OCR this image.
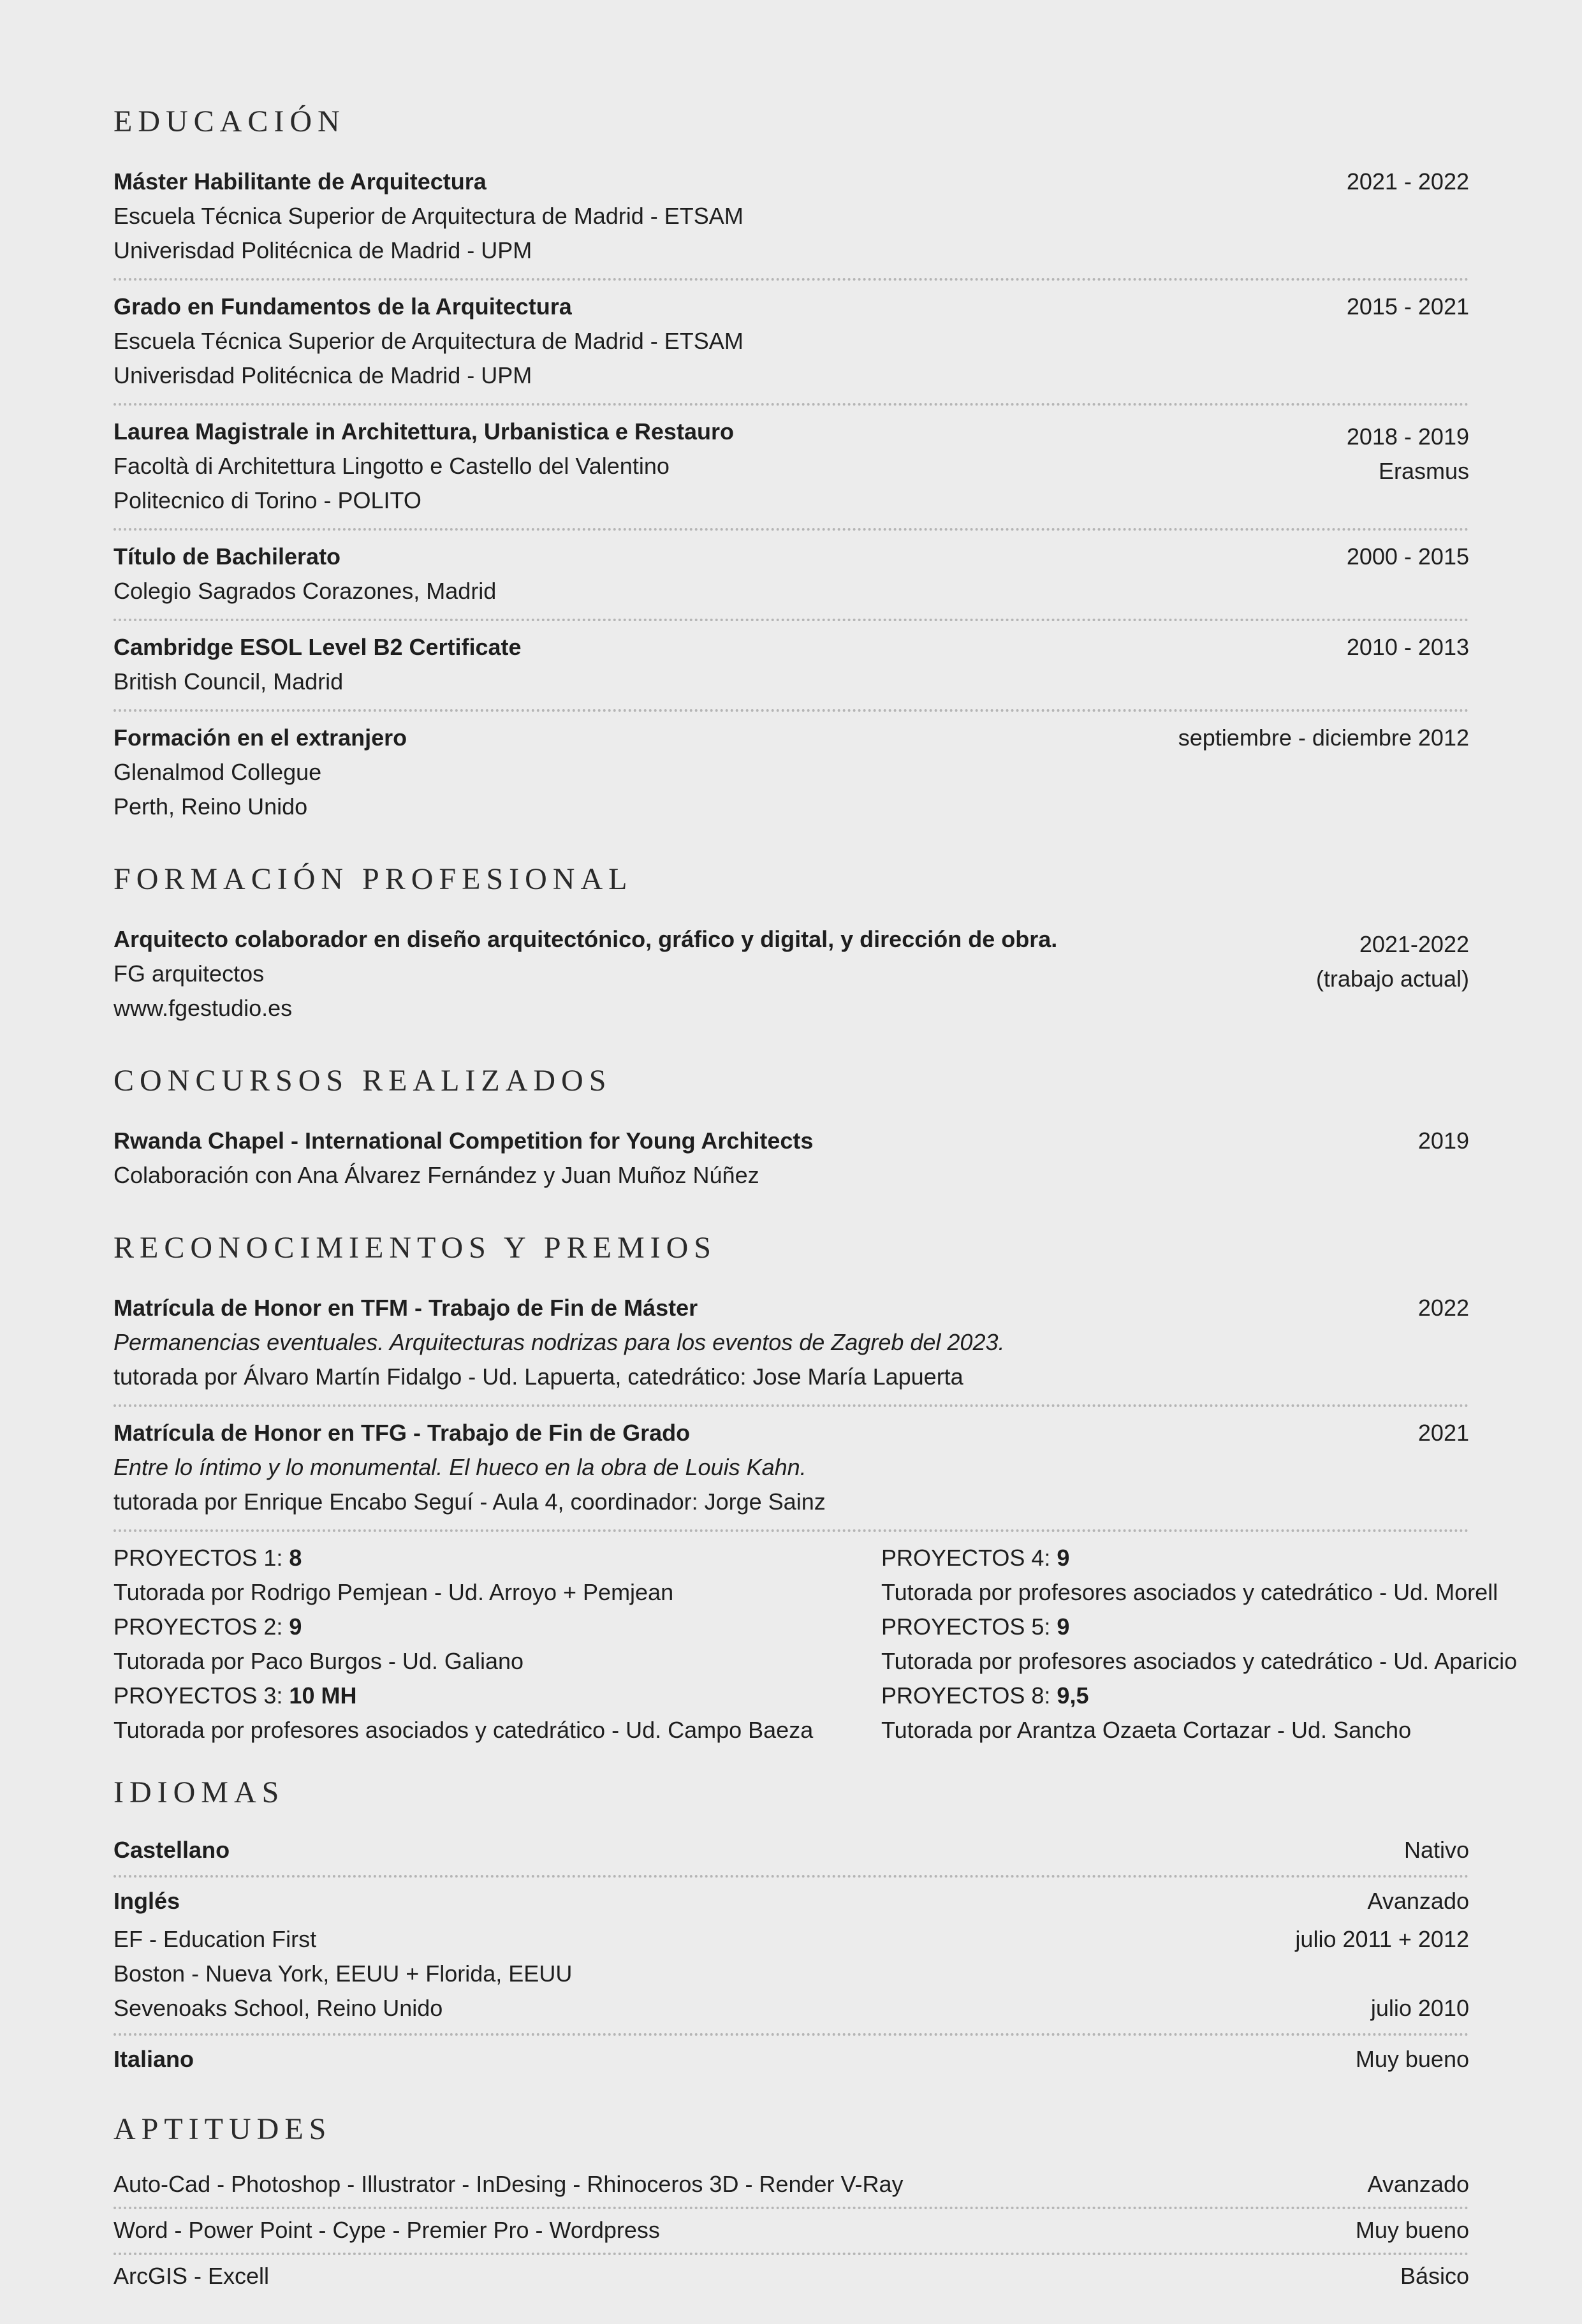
EDUCACIÓN
Máster Habilitante de Arquitectura
Escuela Técnica Superior de Arquitectura de Madrid - ETSAM
Univerisdad Politécnica de Madrid - UPM
2021 - 2022
Grado en Fundamentos de la Arquitectura
Escuela Técnica Superior de Arquitectura de Madrid - ETSAM
Univerisdad Politécnica de Madrid - UPM
2015 - 2021
Laurea Magistrale in Architettura, Urbanistica e Restauro
Facoltà di Architettura Lingotto e Castello del Valentino
Politecnico di Torino - POLITO
2018 - 2019
Erasmus
Título de Bachilerato
Colegio Sagrados Corazones, Madrid
2000 - 2015
Cambridge ESOL Level B2 Certificate
British Council, Madrid
2010 - 2013
Formación en el extranjero
Glenalmod Collegue
Perth, Reino Unido
septiembre - diciembre 2012
FORMACIÓN PROFESIONAL
Arquitecto colaborador en diseño arquitectónico, gráfico y digital, y dirección de obra.
FG arquitectos
www.fgestudio.es
2021-2022
(trabajo actual)
CONCURSOS REALIZADOS
Rwanda Chapel - International Competition for Young Architects
Colaboración con Ana Álvarez Fernández y Juan Muñoz Núñez
2019
RECONOCIMIENTOS Y PREMIOS
Matrícula de Honor en TFM - Trabajo de Fin de Máster
Permanencias eventuales. Arquitecturas nodrizas para los eventos de Zagreb del 2023.
tutorada por Álvaro Martín Fidalgo - Ud. Lapuerta, catedrático: Jose María Lapuerta
2022
Matrícula de Honor en TFG - Trabajo de Fin de Grado
Entre lo íntimo y lo monumental. El hueco en la obra de Louis Kahn.
tutorada por Enrique Encabo Seguí - Aula 4, coordinador: Jorge Sainz
2021
PROYECTOS 1: 8
Tutorada por Rodrigo Pemjean - Ud. Arroyo + Pemjean
PROYECTOS 2: 9
Tutorada por Paco Burgos - Ud. Galiano
PROYECTOS 3: 10 MH
Tutorada por profesores asociados y catedrático - Ud. Campo Baeza
PROYECTOS 4: 9
Tutorada por profesores asociados y catedrático - Ud. Morell
PROYECTOS 5: 9
Tutorada por profesores asociados y catedrático - Ud. Aparicio
PROYECTOS 8: 9,5
Tutorada por Arantza Ozaeta Cortazar - Ud. Sancho
IDIOMAS
Castellano	Nativo
Inglés	Avanzado
EF - Education First	julio 2011 + 2012
Boston - Nueva York, EEUU + Florida, EEUU
Sevenoaks School, Reino Unido	julio 2010
Italiano	Muy bueno
APTITUDES
Auto-Cad - Photoshop - Illustrator - InDesing - Rhinoceros 3D - Render V-Ray	Avanzado
Word - Power Point - Cype - Premier Pro - Wordpress	Muy bueno
ArcGIS - Excell	Básico
